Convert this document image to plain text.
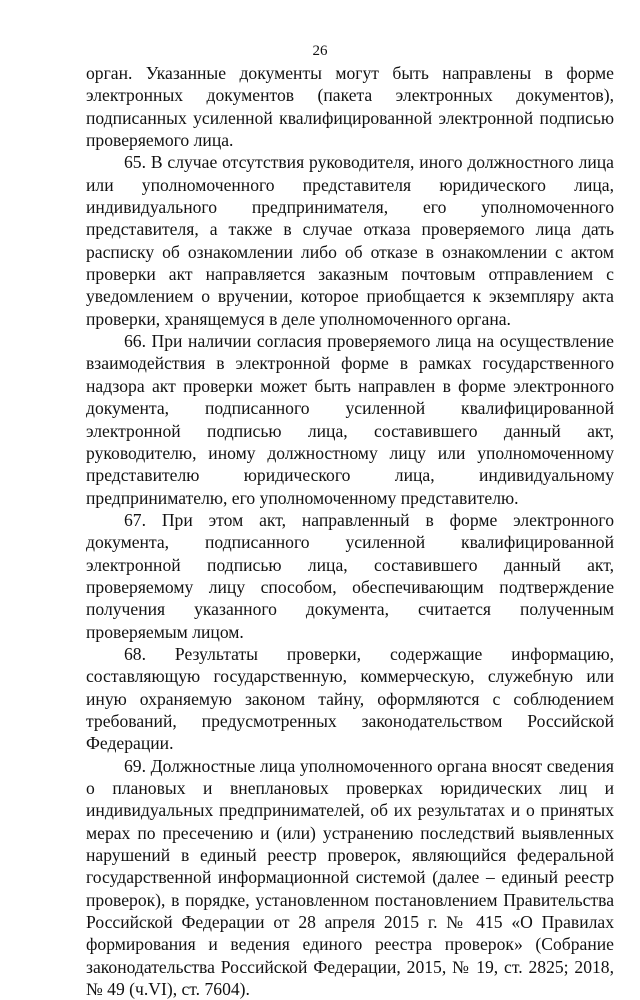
26

орган. Указанные документы могут быть направлены в форме электронных документов (пакета электронных документов), подписанных усиленной квалифицированной электронной подписью проверяемого лица.

65. В случае отсутствия руководителя, иного должностного лица или уполномоченного представителя юридического лица, индивидуального предпринимателя, его уполномоченного представителя, а также в случае отказа проверяемого лица дать расписку об ознакомлении либо об отказе в ознакомлении с актом проверки акт направляется заказным почтовым отправлением с уведомлением о вручении, которое приобщается к экземпляру акта проверки, хранящемуся в деле уполномоченного органа.

66. При наличии согласия проверяемого лица на осуществление взаимодействия в электронной форме в рамках государственного надзора акт проверки может быть направлен в форме электронного документа, подписанного усиленной квалифицированной электронной подписью лица, составившего данный акт, руководителю, иному должностному лицу или уполномоченному представителю юридического лица, индивидуальному предпринимателю, его уполномоченному представителю.

67. При этом акт, направленный в форме электронного документа, подписанного усиленной квалифицированной электронной подписью лица, составившего данный акт, проверяемому лицу способом, обеспечивающим подтверждение получения указанного документа, считается полученным проверяемым лицом.

68. Результаты проверки, содержащие информацию, составляющую государственную, коммерческую, служебную или иную охраняемую законом тайну, оформляются с соблюдением требований, предусмотренных законодательством Российской Федерации.

69. Должностные лица уполномоченного органа вносят сведения о плановых и внеплановых проверках юридических лиц и индивидуальных предпринимателей, об их результатах и о принятых мерах по пресечению и (или) устранению последствий выявленных нарушений в единый реестр проверок, являющийся федеральной государственной информационной системой (далее – единый реестр проверок), в порядке, установленном постановлением Правительства Российской Федерации от 28 апреля 2015 г. № 415 «О Правилах формирования и ведения единого реестра проверок» (Собрание законодательства Российской Федерации, 2015, № 19, ст. 2825; 2018, № 49 (ч.VI), ст. 7604).
